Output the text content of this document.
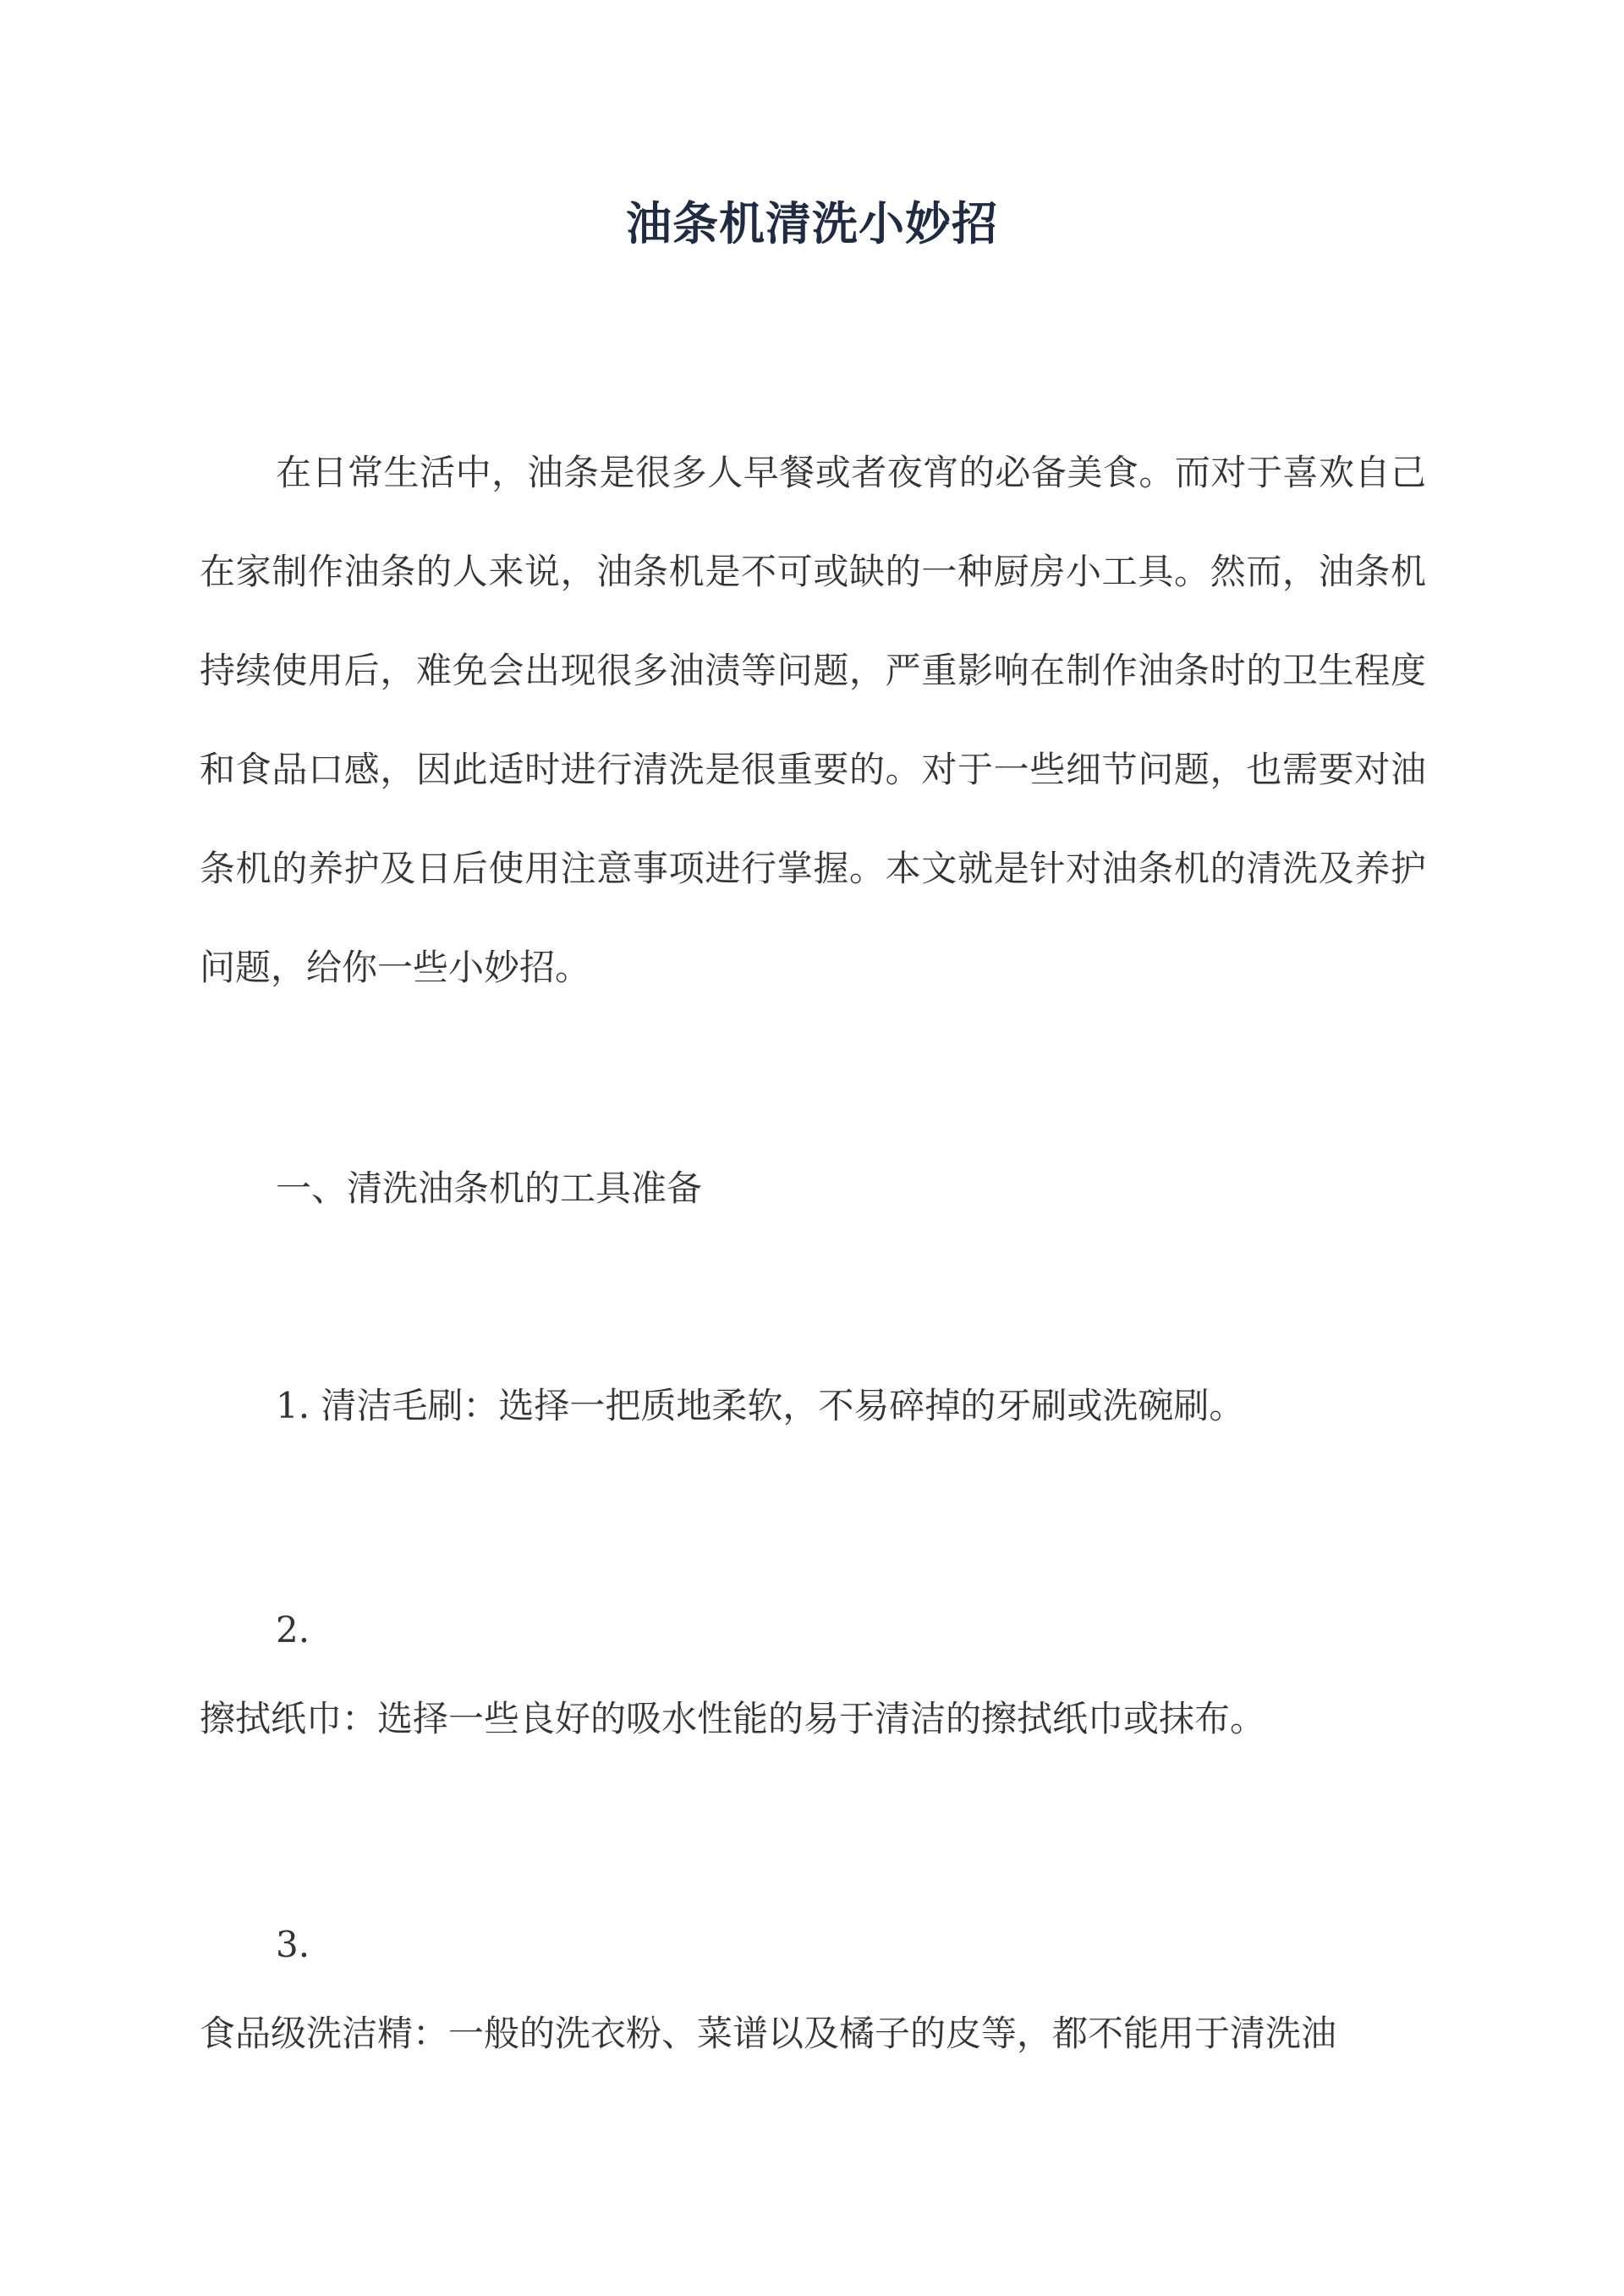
油条机清洗小妙招
在日常生活中，油条是很多人早餐或者夜宵的必备美食。而对于喜欢自己在家制作油条的人来说，油条机是不可或缺的一种厨房小工具。然而，油条机持续使用后，难免会出现很多油渍等问题，严重影响在制作油条时的卫生程度和食品口感，因此适时进行清洗是很重要的。对于一些细节问题，也需要对油条机的养护及日后使用注意事项进行掌握。本文就是针对油条机的清洗及养护问题，给你一些小妙招。
一、清洗油条机的工具准备
1. 清洁毛刷：选择一把质地柔软，不易碎掉的牙刷或洗碗刷。
2.
擦拭纸巾：选择一些良好的吸水性能的易于清洁的擦拭纸巾或抹布。
3.
食品级洗洁精：一般的洗衣粉、菜谱以及橘子的皮等，都不能用于清洗油
